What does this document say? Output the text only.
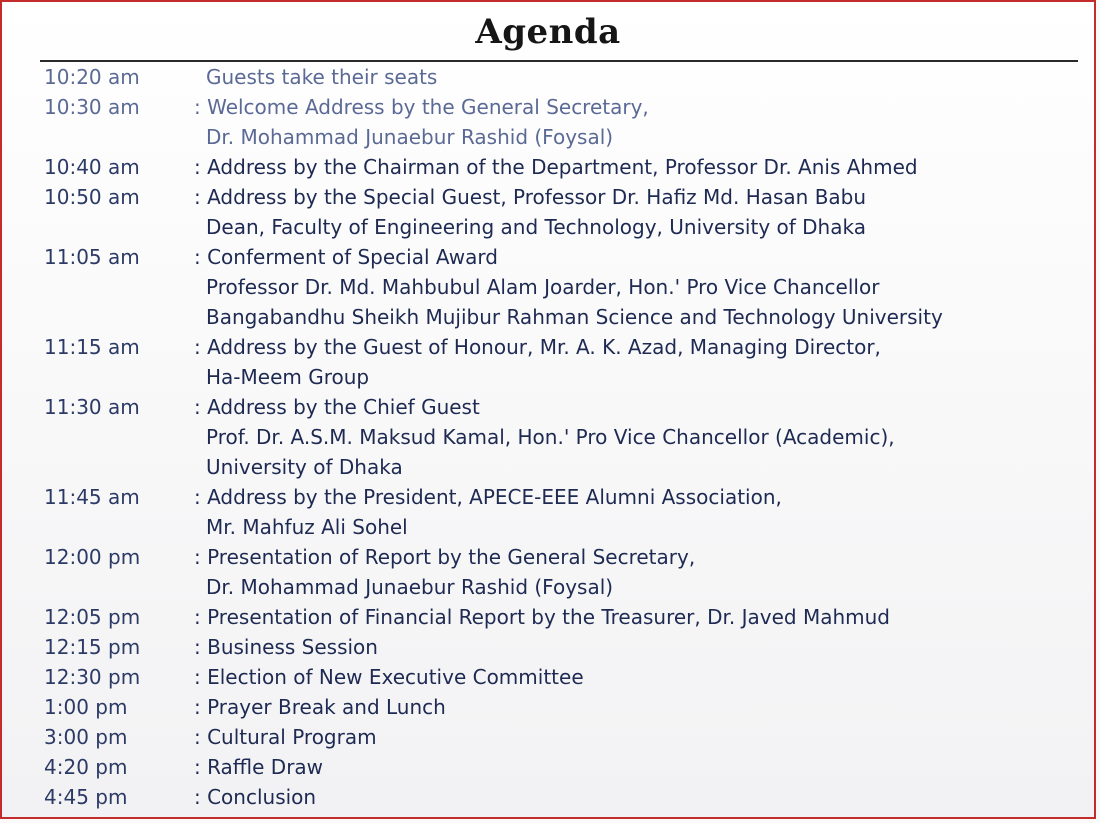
Agenda
10:20 am	Guests take their seats
10:30 am	: Welcome Address by the General Secretary,
Dr. Mohammad Junaebur Rashid (Foysal)
10:40 am	: Address by the Chairman of the Department, Professor Dr. Anis Ahmed
10:50 am	: Address by the Special Guest, Professor Dr. Hafiz Md. Hasan Babu
Dean, Faculty of Engineering and Technology, University of Dhaka
11:05 am	: Conferment of Special Award
Professor Dr. Md. Mahbubul Alam Joarder, Hon.' Pro Vice Chancellor
Bangabandhu Sheikh Mujibur Rahman Science and Technology University
11:15 am	: Address by the Guest of Honour, Mr. A. K. Azad, Managing Director,
Ha-Meem Group
11:30 am	: Address by the Chief Guest
Prof. Dr. A.S.M. Maksud Kamal, Hon.' Pro Vice Chancellor (Academic),
University of Dhaka
11:45 am	: Address by the President, APECE-EEE Alumni Association,
Mr. Mahfuz Ali Sohel
12:00 pm	: Presentation of Report by the General Secretary,
Dr. Mohammad Junaebur Rashid (Foysal)
12:05 pm	: Presentation of Financial Report by the Treasurer, Dr. Javed Mahmud
12:15 pm	: Business Session
12:30 pm	: Election of New Executive Committee
1:00 pm	: Prayer Break and Lunch
3:00 pm	: Cultural Program
4:20 pm	: Raffle Draw
4:45 pm	: Conclusion
